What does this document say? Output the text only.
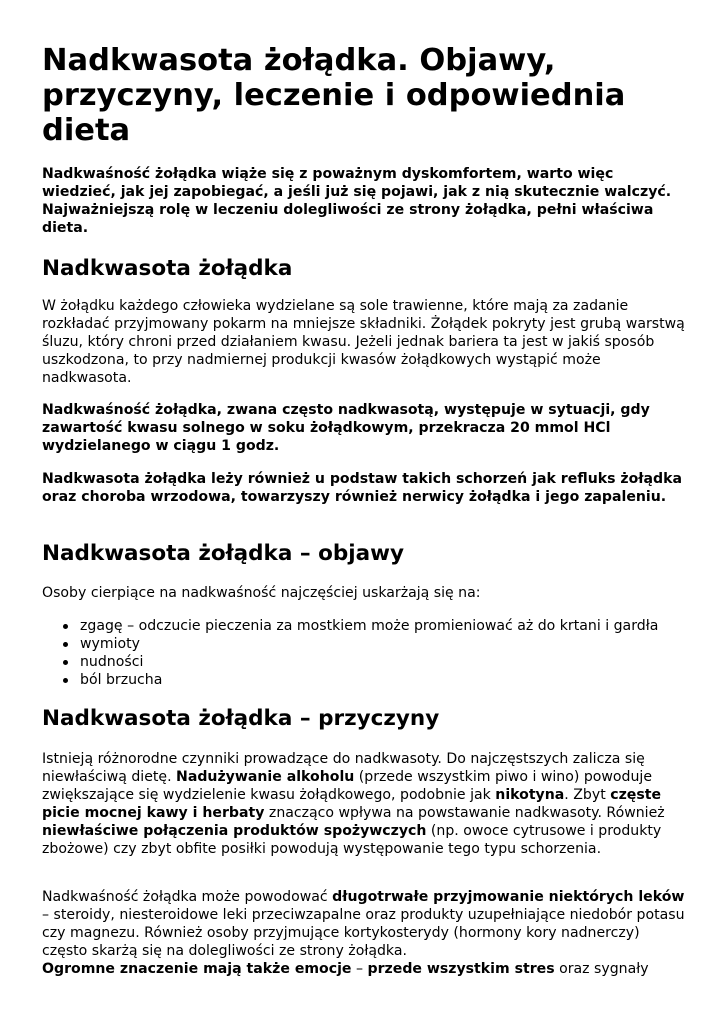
Nadkwasota żołądka. Objawy, przyczyny, leczenie i odpowiednia dieta

Nadkwaśność żołądka wiąże się z poważnym dyskomfortem, warto więc wiedzieć, jak jej zapobiegać, a jeśli już się pojawi, jak z nią skutecznie walczyć. Najważniejszą rolę w leczeniu dolegliwości ze strony żołądka, pełni właściwa dieta.

Nadkwasota żołądka

W żołądku każdego człowieka wydzielane są sole trawienne, które mają za zadanie rozkładać przyjmowany pokarm na mniejsze składniki. Żołądek pokryty jest grubą warstwą śluzu, który chroni przed działaniem kwasu. Jeżeli jednak bariera ta jest w jakiś sposób uszkodzona, to przy nadmiernej produkcji kwasów żołądkowych wystąpić może nadkwasota.

Nadkwaśność żołądka, zwana często nadkwasotą, występuje w sytuacji, gdy zawartość kwasu solnego w soku żołądkowym, przekracza 20 mmol HCl wydzielanego w ciągu 1 godz.

Nadkwasota żołądka leży również u podstaw takich schorzeń jak refluks żołądka oraz choroba wrzodowa, towarzyszy również nerwicy żołądka i jego zapaleniu.

Nadkwasota żołądka – objawy

Osoby cierpiące na nadkwaśność najczęściej uskarżają się na:

zgagę – odczucie pieczenia za mostkiem może promieniować aż do krtani i gardła
wymioty
nudności
ból brzucha
Nadkwasota żołądka – przyczyny

Istnieją różnorodne czynniki prowadzące do nadkwasoty. Do najczęstszych zalicza się niewłaściwą dietę. Nadużywanie alkoholu (przede wszystkim piwo i wino) powoduje zwiększające się wydzielenie kwasu żołądkowego, podobnie jak nikotyna. Zbyt częste picie mocnej kawy i herbaty znacząco wpływa na powstawanie nadkwasoty. Również niewłaściwe połączenia produktów spożywczych (np. owoce cytrusowe i produkty zbożowe) czy zbyt obfite posiłki powodują występowanie tego typu schorzenia.

Nadkwaśność żołądka może powodować długotrwałe przyjmowanie niektórych leków – steroidy, niesteroidowe leki przeciwzapalne oraz produkty uzupełniające niedobór potasu czy magnezu. Również osoby przyjmujące kortykosterydy (hormony kory nadnerczy) często skarżą się na dolegliwości ze strony żołądka.
Ogromne znaczenie mają także emocje – przede wszystkim stres oraz sygnały
